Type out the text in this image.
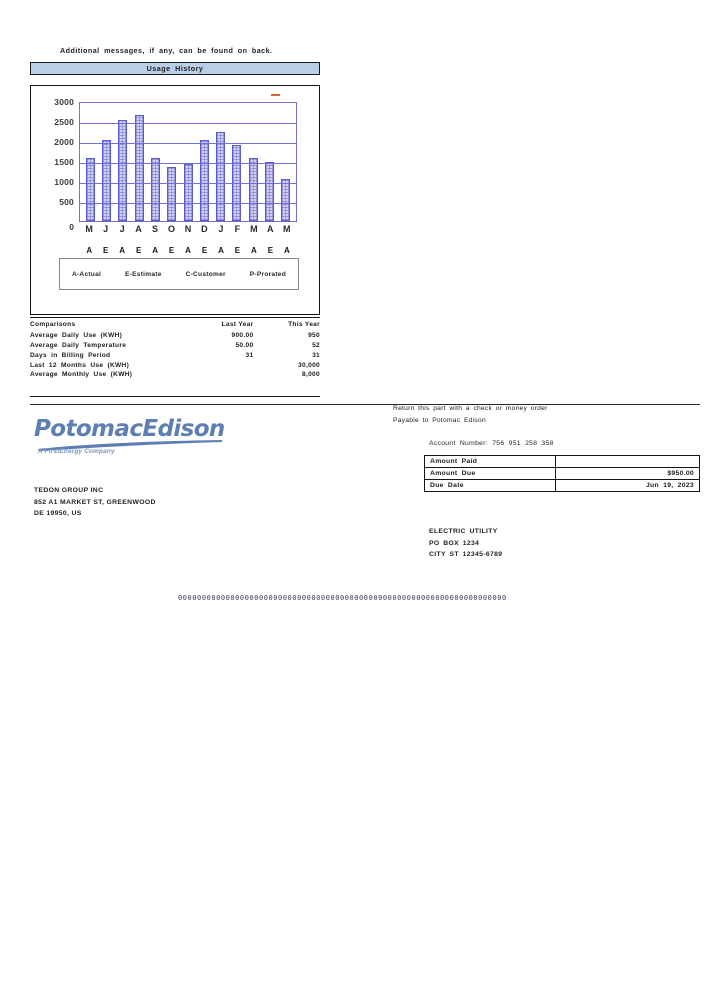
Additional messages, if any, can be found on back.
Usage History
500
1000
1500
2000
2500
3000
0
A	E	A	E	A	E	A	E	A	E	A	E	A
M	J	J	A	S	O	N	D	J	F	M	A	M
A-Actual	E-Estimate	C-Customer	P-Prorated
Comparisons	Last Year	This Year
Average Daily Use (KWH)	900.00	950
Average Daily Temperature	50.00	52
Days in Billing Period	31	31
Last 12 Months Use (KWH)		30,000
Average Monthly Use (KWH)		8,000
PotomacEdison
A FirstEnergy Company
TEDON GROUP INC
852 A1 MARKET ST, GREENWOOD
DE 19950, US
Return this part with a check or money order
Payable to Potomac Edison
Account Number: 756 951 258 358
Amount Paid	
Amount Due	$950.00
Due Date	Jun 19, 2023
ELECTRIC UTILITY
PO BOX 1234
CITY ST 12345-6789
000000000000000000000000000000000000000000000000000000000000000000000
